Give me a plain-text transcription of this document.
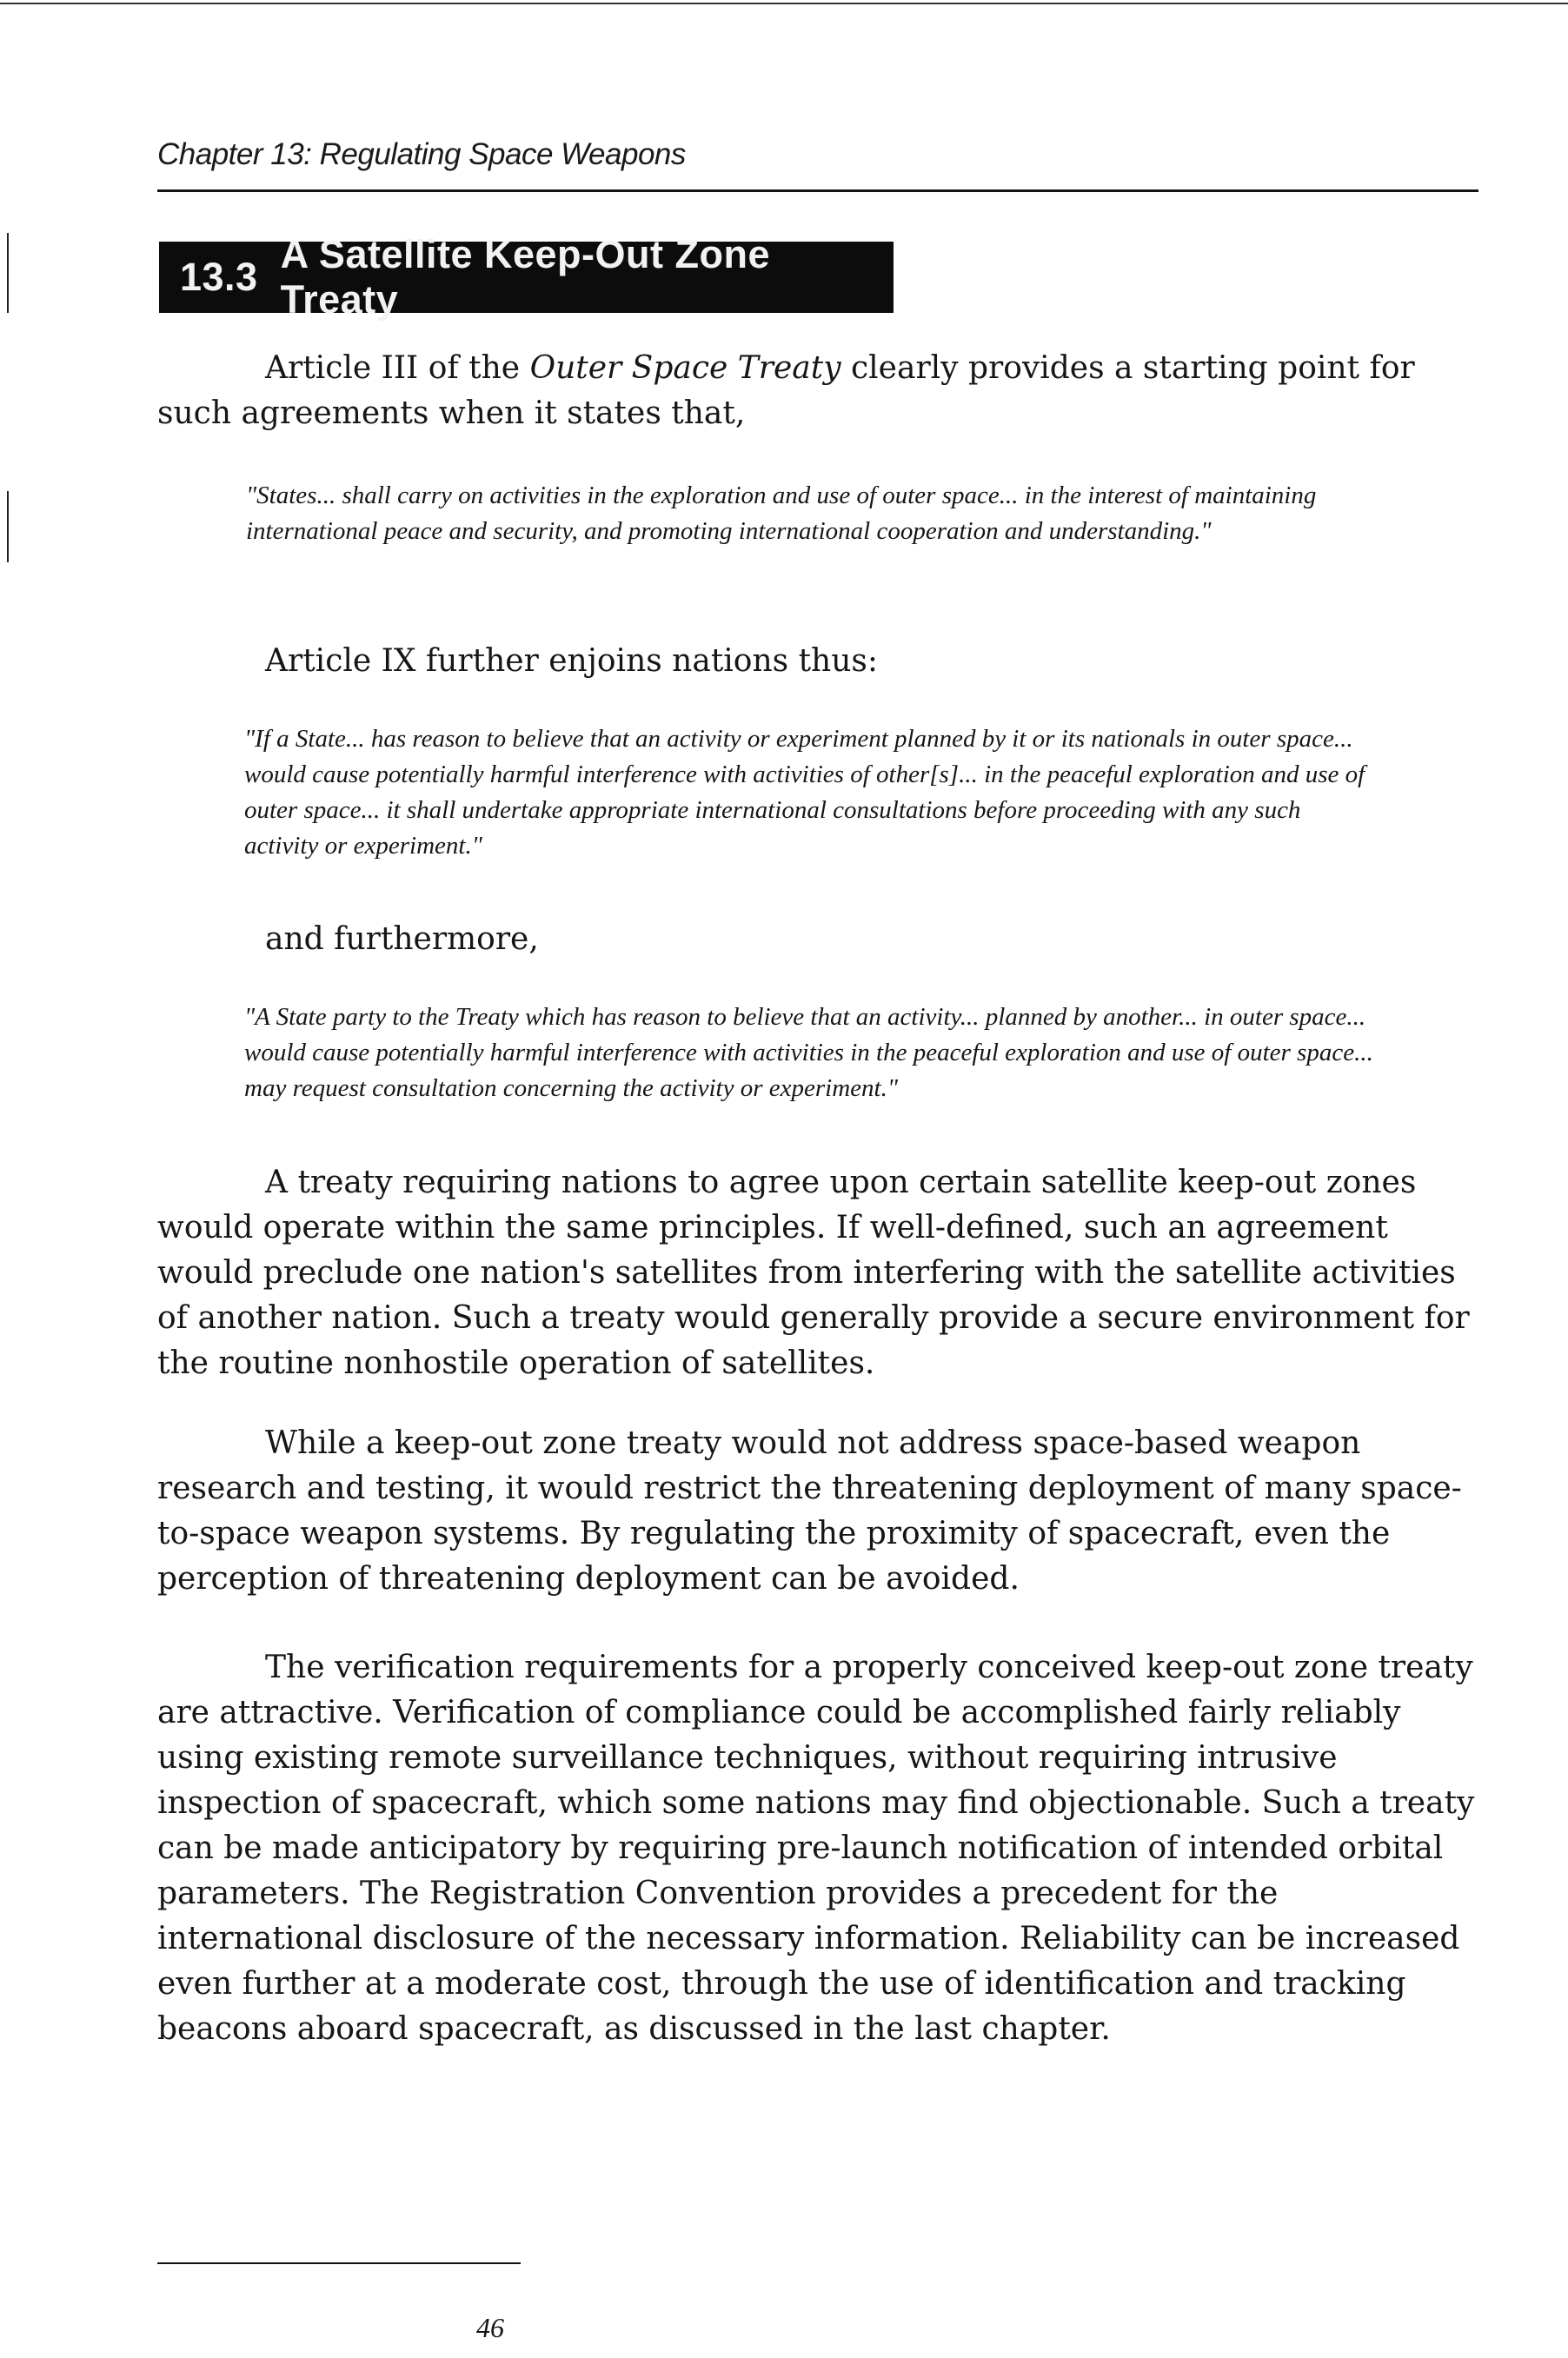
Chapter 13: Regulating Space Weapons
13.3
A Satellite Keep-Out Zone Treaty

Article III of the Outer Space Treaty clearly provides a starting point for such agreements when it states that,

"States... shall carry on activities in the exploration and use of outer space... in the interest of maintaining international peace and security, and promoting international cooperation and understanding."

Article IX further enjoins nations thus:

"If a State... has reason to believe that an activity or experiment planned by it or its nationals in outer space... would cause potentially harmful interference with activities of other[s]... in the peaceful exploration and use of outer space... it shall undertake appropriate international consultations before proceeding with any such activity or experiment."

and furthermore,

"A State party to the Treaty which has reason to believe that an activity... planned by another... in outer space... would cause potentially harmful interference with activities in the peaceful exploration and use of outer space... may request consultation concerning the activity or experiment."

A treaty requiring nations to agree upon certain satellite keep-out zones would operate within the same principles. If well-defined, such an agreement would preclude one nation's satellites from interfering with the satellite activities of another nation. Such a treaty would generally provide a secure environment for the routine nonhostile operation of satellites.

While a keep-out zone treaty would not address space-based weapon research and testing, it would restrict the threatening deployment of many space-to-space weapon systems. By regulating the proximity of spacecraft, even the perception of threatening deployment can be avoided.

The verification requirements for a properly conceived keep-out zone treaty are attractive. Verification of compliance could be accomplished fairly reliably using existing remote surveillance techniques, without requiring intrusive inspection of spacecraft, which some nations may find objectionable. Such a treaty can be made anticipatory by requiring pre-launch notification of intended orbital parameters. The Registration Convention provides a precedent for the international disclosure of the necessary information. Reliability can be increased even further at a moderate cost, through the use of identification and tracking beacons aboard spacecraft, as discussed in the last chapter.

46
